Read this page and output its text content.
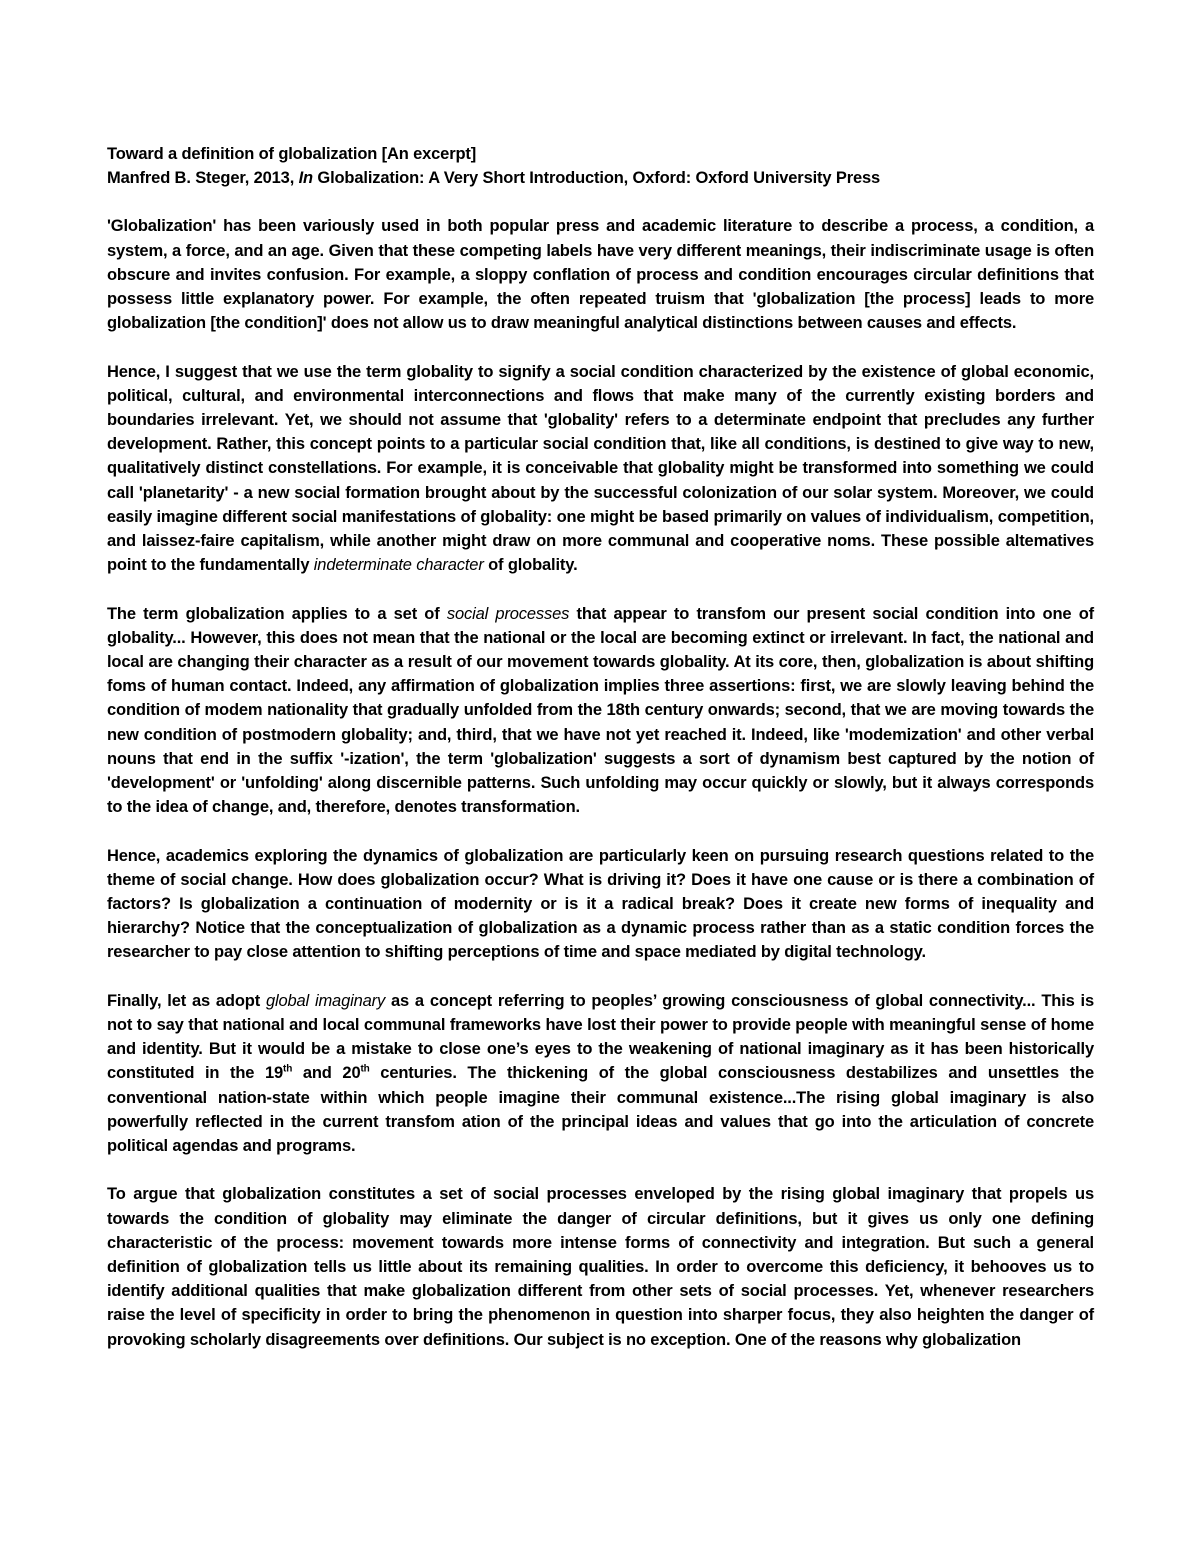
Toward a definition of globalization [An excerpt]
Manfred B. Steger, 2013, In Globalization: A Very Short Introduction, Oxford: Oxford University Press

'Globalization' has been variously used in both popular press and academic literature to describe a process, a condition, a system, a force, and an age. Given that these competing labels have very different meanings, their indiscriminate usage is often obscure and invites confusion. For example, a sloppy conflation of process and condition encourages circular definitions that possess little explanatory power. For example, the often repeated truism that 'globalization [the process] leads to more globalization [the condition]' does not allow us to draw meaningful analytical distinctions between causes and effects.

Hence, I suggest that we use the term globality to signify a social condition characterized by the existence of global economic, political, cultural, and environmental interconnections and flows that make many of the currently existing borders and boundaries irrelevant. Yet, we should not assume that 'globality' refers to a determinate endpoint that precludes any further development. Rather, this concept points to a particular social condition that, like all conditions, is destined to give way to new, qualitatively distinct constellations. For example, it is conceivable that globality might be transformed into something we could call 'planetarity' - a new social formation brought about by the successful colonization of our solar system. Moreover, we could easily imagine different social manifestations of globality: one might be based primarily on values of individualism, competition, and laissez-faire capitalism, while another might draw on more communal and cooperative noms. These possible altematives point to the fundamentally indeterminate character of globality.

The term globalization applies to a set of social processes that appear to transfom our present social condition into one of globality... However, this does not mean that the national or the local are becoming extinct or irrelevant. In fact, the national and local are changing their character as a result of our movement towards globality. At its core, then, globalization is about shifting foms of human contact. Indeed, any affirmation of globalization implies three assertions: first, we are slowly leaving behind the condition of modem nationality that gradually unfolded from the 18th century onwards; second, that we are moving towards the new condition of postmodern globality; and, third, that we have not yet reached it. Indeed, like 'modemization' and other verbal nouns that end in the suffix '-ization', the term 'globalization' suggests a sort of dynamism best captured by the notion of 'development' or 'unfolding' along discernible patterns. Such unfolding may occur quickly or slowly, but it always corresponds to the idea of change, and, therefore, denotes transformation.

Hence, academics exploring the dynamics of globalization are particularly keen on pursuing research questions related to the theme of social change. How does globalization occur? What is driving it? Does it have one cause or is there a combination of factors? Is globalization a continuation of modernity or is it a radical break? Does it create new forms of inequality and hierarchy? Notice that the conceptualization of globalization as a dynamic process rather than as a static condition forces the researcher to pay close attention to shifting perceptions of time and space mediated by digital technology.

Finally, let as adopt global imaginary as a concept referring to peoples’ growing consciousness of global connectivity... This is not to say that national and local communal frameworks have lost their power to provide people with meaningful sense of home and identity. But it would be a mistake to close one’s eyes to the weakening of national imaginary as it has been historically constituted in the 19th and 20th centuries. The thickening of the global consciousness destabilizes and unsettles the conventional nation-state within which people imagine their communal existence...The rising global imaginary is also powerfully reflected in the current transfom ation of the principal ideas and values that go into the articulation of concrete political agendas and programs.

To argue that globalization constitutes a set of social processes enveloped by the rising global imaginary that propels us towards the condition of globality may eliminate the danger of circular definitions, but it gives us only one defining characteristic of the process: movement towards more intense forms of connectivity and integration. But such a general definition of globalization tells us little about its remaining qualities. In order to overcome this deficiency, it behooves us to identify additional qualities that make globalization different from other sets of social processes. Yet, whenever researchers raise the level of specificity in order to bring the phenomenon in question into sharper focus, they also heighten the danger of provoking scholarly disagreements over definitions. Our subject is no exception. One of the reasons why globalization
